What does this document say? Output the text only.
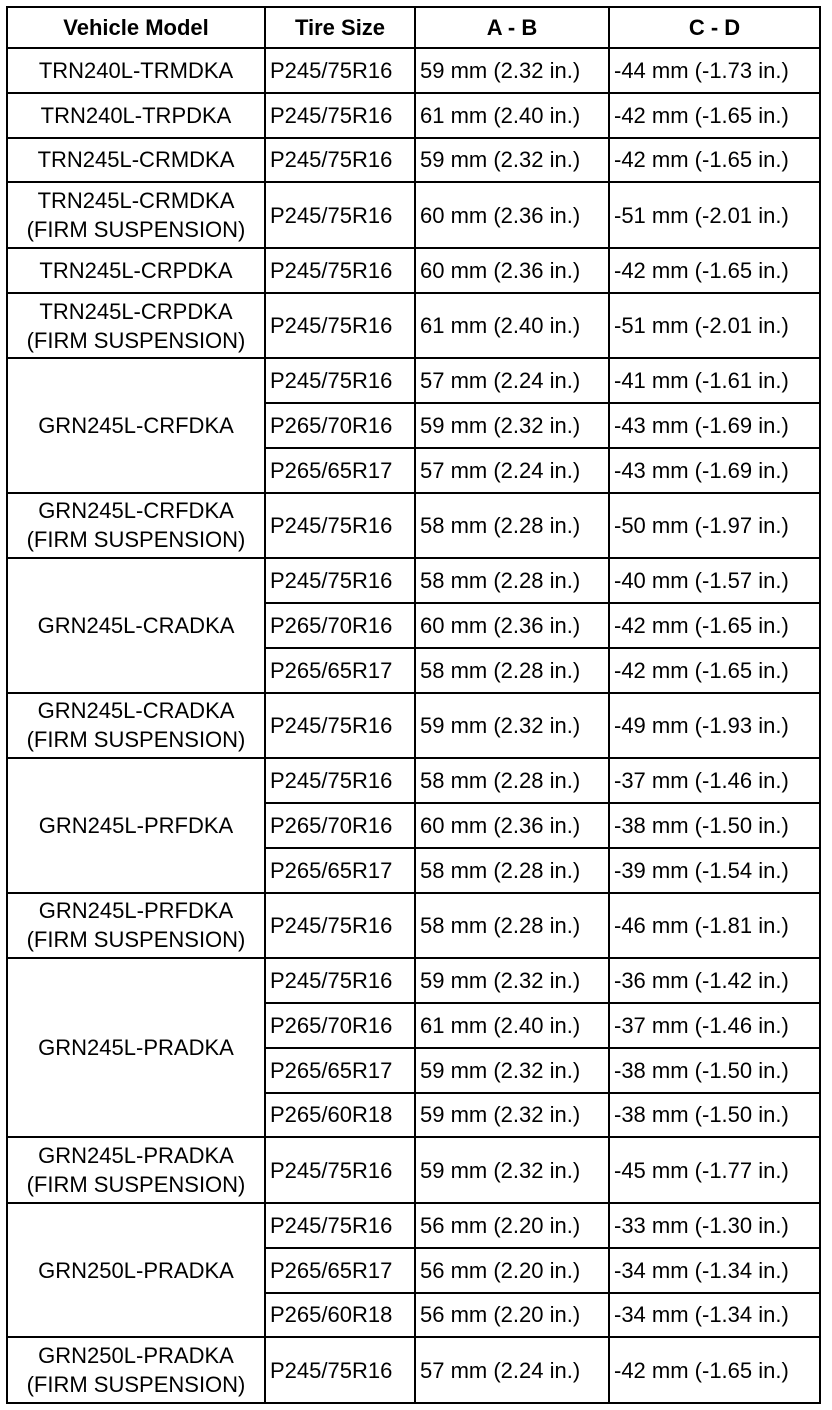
Vehicle Model	Tire Size	A - B	C - D

TRN240L-TRMDKA	P245/75R16	59 mm (2.32 in.)	-44 mm (-1.73 in.)

TRN240L-TRPDKA	P245/75R16	61 mm (2.40 in.)	-42 mm (-1.65 in.)

TRN245L-CRMDKA	P245/75R16	59 mm (2.32 in.)	-42 mm (-1.65 in.)

TRN245L-CRMDKA
(FIRM SUSPENSION)	P245/75R16	60 mm (2.36 in.)	-51 mm (-2.01 in.)

TRN245L-CRPDKA	P245/75R16	60 mm (2.36 in.)	-42 mm (-1.65 in.)

TRN245L-CRPDKA
(FIRM SUSPENSION)	P245/75R16	61 mm (2.40 in.)	-51 mm (-2.01 in.)

GRN245L-CRFDKA	P245/75R16	57 mm (2.24 in.)	-41 mm (-1.61 in.)
	P265/70R16	59 mm (2.32 in.)	-43 mm (-1.69 in.)
	P265/65R17	57 mm (2.24 in.)	-43 mm (-1.69 in.)

GRN245L-CRFDKA
(FIRM SUSPENSION)	P245/75R16	58 mm (2.28 in.)	-50 mm (-1.97 in.)

GRN245L-CRADKA	P245/75R16	58 mm (2.28 in.)	-40 mm (-1.57 in.)
	P265/70R16	60 mm (2.36 in.)	-42 mm (-1.65 in.)
	P265/65R17	58 mm (2.28 in.)	-42 mm (-1.65 in.)

GRN245L-CRADKA
(FIRM SUSPENSION)	P245/75R16	59 mm (2.32 in.)	-49 mm (-1.93 in.)

GRN245L-PRFDKA	P245/75R16	58 mm (2.28 in.)	-37 mm (-1.46 in.)
	P265/70R16	60 mm (2.36 in.)	-38 mm (-1.50 in.)
	P265/65R17	58 mm (2.28 in.)	-39 mm (-1.54 in.)

GRN245L-PRFDKA
(FIRM SUSPENSION)	P245/75R16	58 mm (2.28 in.)	-46 mm (-1.81 in.)

GRN245L-PRADKA	P245/75R16	59 mm (2.32 in.)	-36 mm (-1.42 in.)
	P265/70R16	61 mm (2.40 in.)	-37 mm (-1.46 in.)
	P265/65R17	59 mm (2.32 in.)	-38 mm (-1.50 in.)
	P265/60R18	59 mm (2.32 in.)	-38 mm (-1.50 in.)

GRN245L-PRADKA
(FIRM SUSPENSION)	P245/75R16	59 mm (2.32 in.)	-45 mm (-1.77 in.)

GRN250L-PRADKA	P245/75R16	56 mm (2.20 in.)	-33 mm (-1.30 in.)
	P265/65R17	56 mm (2.20 in.)	-34 mm (-1.34 in.)
	P265/60R18	56 mm (2.20 in.)	-34 mm (-1.34 in.)

GRN250L-PRADKA
(FIRM SUSPENSION)	P245/75R16	57 mm (2.24 in.)	-42 mm (-1.65 in.)
